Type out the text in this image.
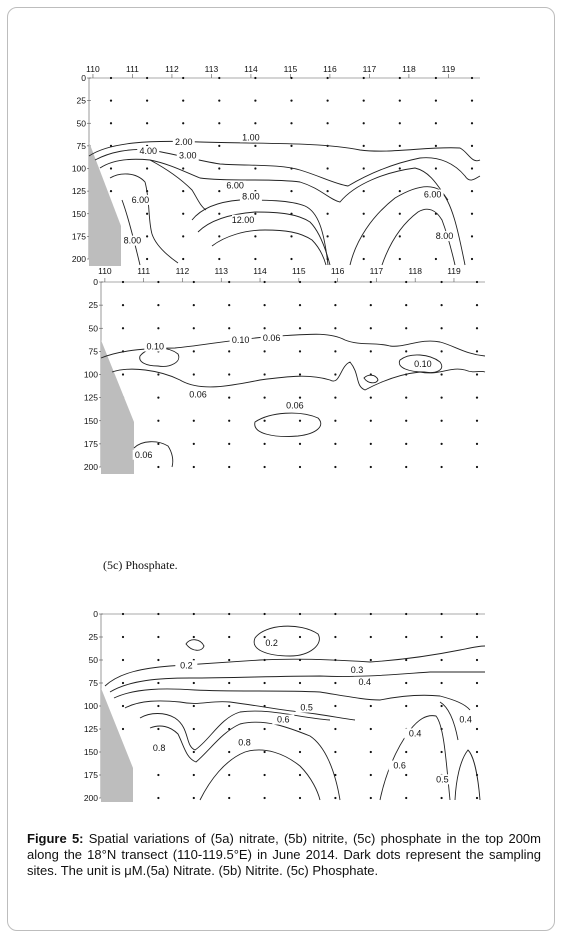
110	111	112	113	114	115	116	117	118	119
0
25
50
75
100
125
150
175
200
1.00
2.00
4.00 3.00
6.00
8.00
12.00
6.00
8.00
6.00
8.00
110	111	112	113	114	115	116	117	118	119
0
25
50
75
100
125
150
175
200
0.10
0.10 0.06
0.10
0.06
0.06
0.06
(5c) Phosphate.
0
25
50
75
100
125
150
175
200
0.2
0.2	0.3
0.4
0.5
0.6
0.8
0.8
0.4
0.4
0.6
0.5
Figure 5: Spatial variations of (5a) nitrate, (5b) nitrite, (5c) phosphate in the top 200m along the 18°N transect (110-119.5°E) in June 2014. Dark dots represent the sampling sites. The unit is μM.(5a) Nitrate. (5b) Nitrite. (5c) Phosphate.
